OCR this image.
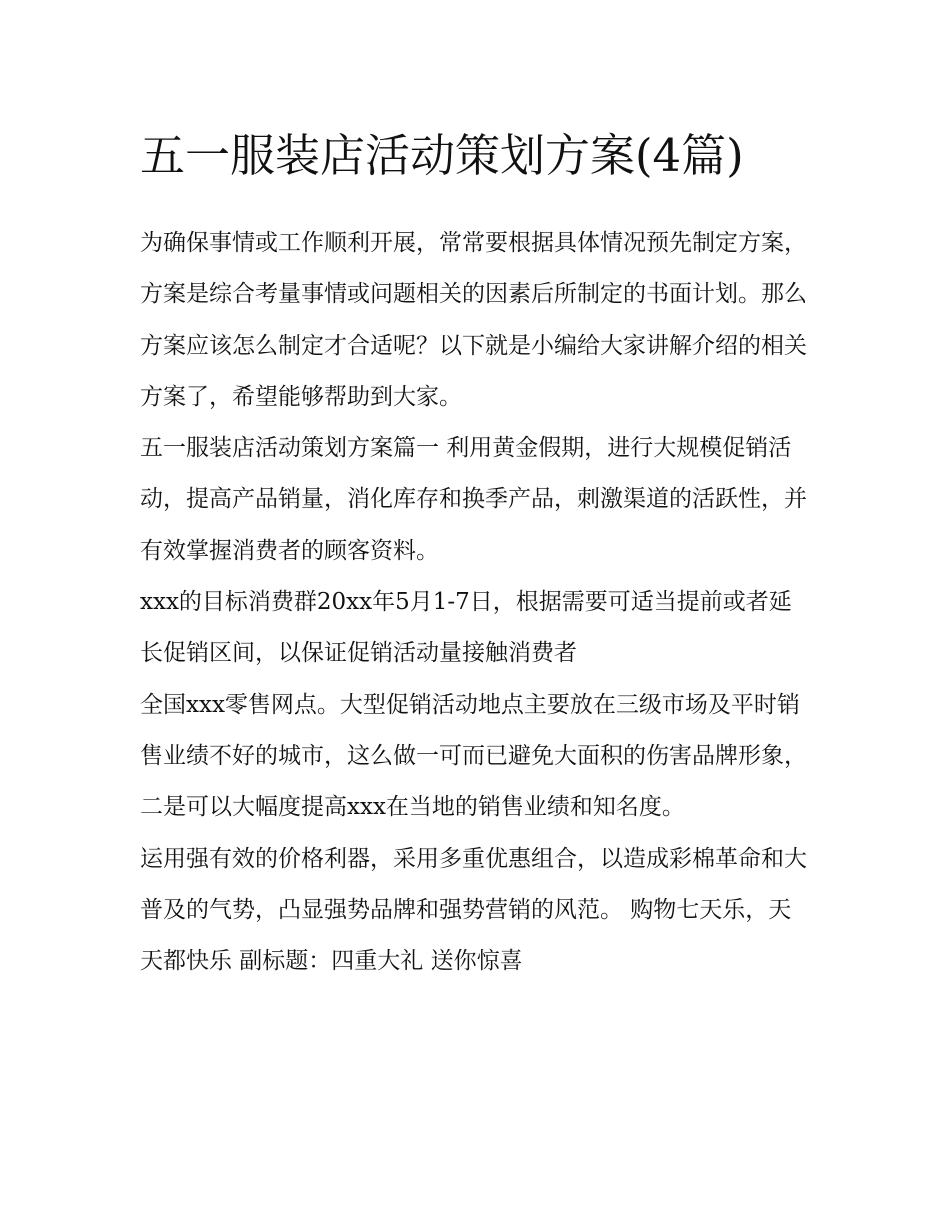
五一服装店活动策划方案(4篇)

为确保事情或工作顺利开展，常常要根据具体情况预先制定方案，方案是综合考量事情或问题相关的因素后所制定的书面计划。那么方案应该怎么制定才合适呢？以下就是小编给大家讲解介绍的相关方案了，希望能够帮助到大家。

五一服装店活动策划方案篇一 利用黄金假期，进行大规模促销活动，提高产品销量，消化库存和换季产品，刺激渠道的活跃性，并有效掌握消费者的顾客资料。

xxx的目标消费群20xx年5月1-7日，根据需要可适当提前或者延长促销区间，以保证促销活动量接触消费者

全国xxx零售网点。大型促销活动地点主要放在三级市场及平时销售业绩不好的城市，这么做一可而已避免大面积的伤害品牌形象，二是可以大幅度提高xxx在当地的销售业绩和知名度。

运用强有效的价格利器，采用多重优惠组合，以造成彩棉革命和大普及的气势，凸显强势品牌和强势营销的风范。 购物七天乐，天天都快乐 副标题：四重大礼 送你惊喜
